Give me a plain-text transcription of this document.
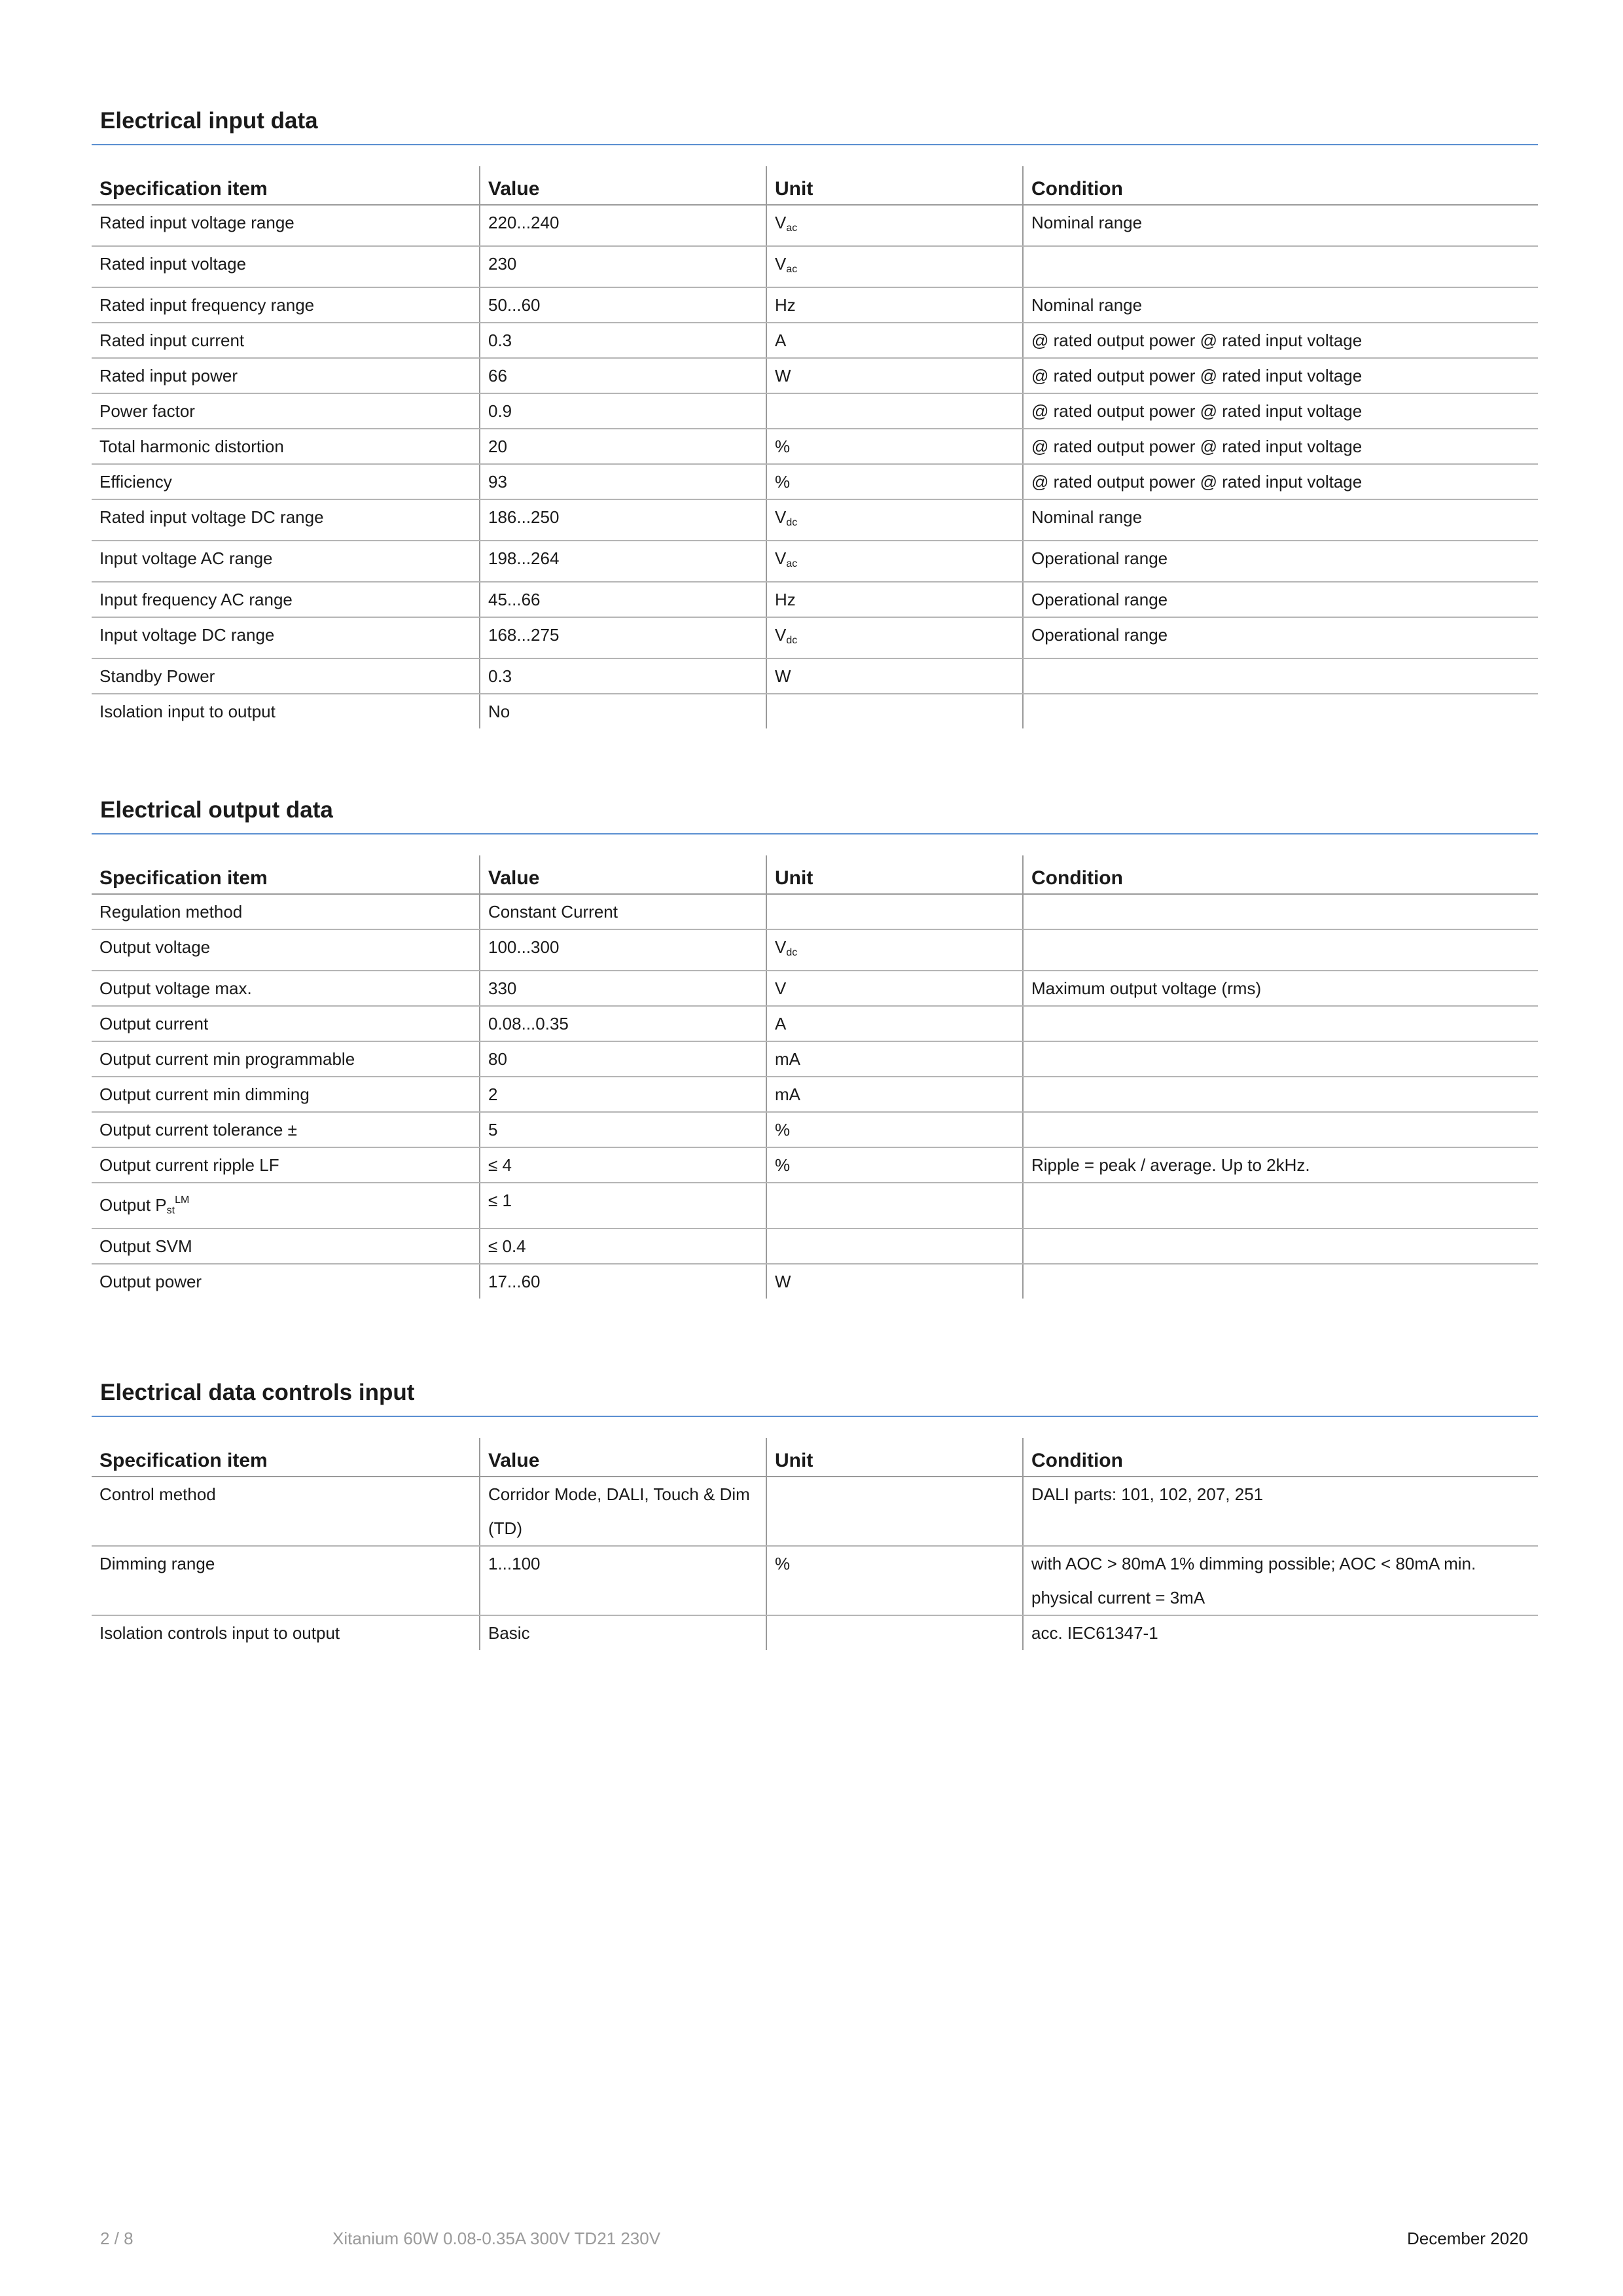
Electrical input data
Specification item	Value	Unit	Condition
Rated input voltage range	220...240	$V_{ac}$	Nominal range
Rated input voltage	230	$V_{ac}$	
Rated input frequency range	50...60	Hz	Nominal range
Rated input current	0.3	A	@ rated output power @ rated input voltage
Rated input power	66	W	@ rated output power @ rated input voltage
Power factor	0.9		@ rated output power @ rated input voltage
Total harmonic distortion	20	%	@ rated output power @ rated input voltage
Efficiency	93	%	@ rated output power @ rated input voltage
Rated input voltage DC range	186...250	$V_{dc}$	Nominal range
Input voltage AC range	198...264	$V_{ac}$	Operational range
Input frequency AC range	45...66	Hz	Operational range
Input voltage DC range	168...275	$V_{dc}$	Operational range
Standby Power	0.3	W	
Isolation input to output	No		
Electrical output data
Specification item	Value	Unit	Condition
Regulation method	Constant Current		
Output voltage	100...300	$V_{dc}$	
Output voltage max.	330	V	Maximum output voltage (rms)
Output current	0.08...0.35	A	
Output current min programmable	80	mA	
Output current min dimming	2	mA	
Output current tolerance ±	5	%	
Output current ripple LF	≤ 4	%	Ripple = peak / average. Up to 2kHz.
Output $P_{st}^{LM}$	≤ 1		
Output SVM	≤ 0.4		
Output power	17...60	W	
Electrical data controls input
Specification item	Value	Unit	Condition
Control method	Corridor Mode, DALI, Touch & Dim (TD)		DALI parts: 101, 102, 207, 251
Dimming range	1...100	%	with AOC > 80mA 1% dimming possible; AOC < 80mA min. physical current = 3mA
Isolation controls input to output	Basic		acc. IEC61347-1
2 / 8	Xitanium 60W 0.08-0.35A 300V TD21 230V	December 2020
